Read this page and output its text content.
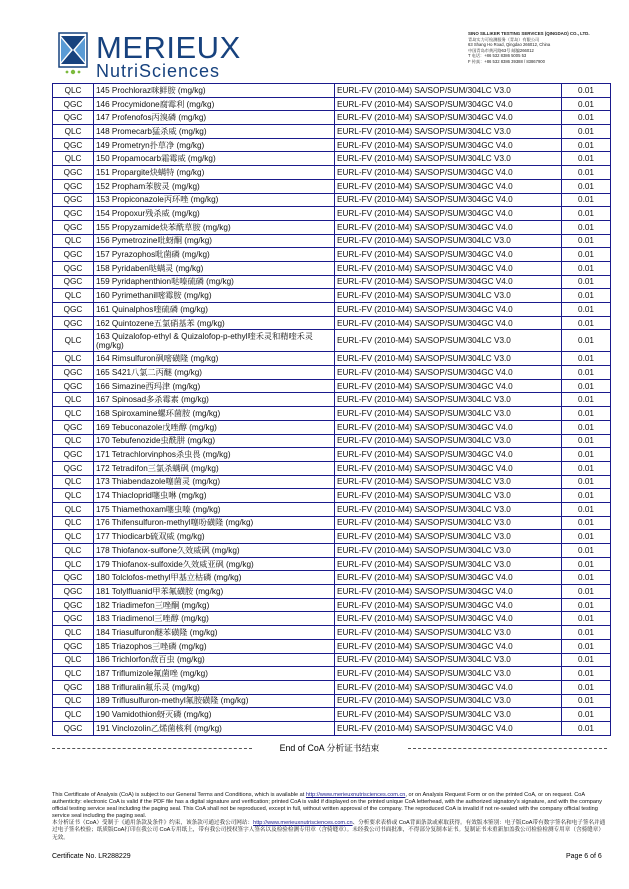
MERIEUX
NutriSciences
SINO SILLIKER TESTING SERVICES (QINGDAO) CO., LTD.
青岛实力可检测服务（青岛）有限公司
63 Shang Ho Road, Qingdao 266012, China
中国青岛市黄河路63号 邮编266012
T 电话：+86 532 8386 5005 53
F 传真：+86 532 8386 39388 / 83867900
QLC	145 Prochloraz咪鲜胺 (mg/kg)	EURL-FV (2010-M4) SA/SOP/SUM/304LC V3.0	0.01
QGC	146 Procymidone腐霉利 (mg/kg)	EURL-FV (2010-M4) SA/SOP/SUM/304GC V4.0	0.01
QGC	147 Profenofos丙溴磷 (mg/kg)	EURL-FV (2010-M4) SA/SOP/SUM/304GC V4.0	0.01
QLC	148 Promecarb猛杀威 (mg/kg)	EURL-FV (2010-M4) SA/SOP/SUM/304LC V3.0	0.01
QGC	149 Prometryn扑草净 (mg/kg)	EURL-FV (2010-M4) SA/SOP/SUM/304GC V4.0	0.01
QLC	150 Propamocarb霜霉威 (mg/kg)	EURL-FV (2010-M4) SA/SOP/SUM/304LC V3.0	0.01
QGC	151 Propargite炔螨特 (mg/kg)	EURL-FV (2010-M4) SA/SOP/SUM/304GC V4.0	0.01
QGC	152 Propham苯胺灵 (mg/kg)	EURL-FV (2010-M4) SA/SOP/SUM/304GC V4.0	0.01
QGC	153 Propiconazole丙环唑 (mg/kg)	EURL-FV (2010-M4) SA/SOP/SUM/304GC V4.0	0.01
QGC	154 Propoxur残杀威 (mg/kg)	EURL-FV (2010-M4) SA/SOP/SUM/304GC V4.0	0.01
QGC	155 Propyzamide炔苯酰草胺 (mg/kg)	EURL-FV (2010-M4) SA/SOP/SUM/304GC V4.0	0.01
QLC	156 Pymetrozine吡蚜酮 (mg/kg)	EURL-FV (2010-M4) SA/SOP/SUM/304LC V3.0	0.01
QGC	157 Pyrazophos吡菌磷 (mg/kg)	EURL-FV (2010-M4) SA/SOP/SUM/304GC V4.0	0.01
QGC	158 Pyridaben哒螨灵 (mg/kg)	EURL-FV (2010-M4) SA/SOP/SUM/304GC V4.0	0.01
QGC	159 Pyridaphenthion哒嗪硫磷 (mg/kg)	EURL-FV (2010-M4) SA/SOP/SUM/304GC V4.0	0.01
QLC	160 Pyrimethanil嘧霉胺 (mg/kg)	EURL-FV (2010-M4) SA/SOP/SUM/304LC V3.0	0.01
QGC	161 Quinalphos喹硫磷 (mg/kg)	EURL-FV (2010-M4) SA/SOP/SUM/304GC V4.0	0.01
QGC	162 Quintozene五氯硝基苯 (mg/kg)	EURL-FV (2010-M4) SA/SOP/SUM/304GC V4.0	0.01
QLC	163 Quizalofop-ethyl & Quizalofop-p-ethyl喹禾灵和精喹禾灵 (mg/kg)	EURL-FV (2010-M4) SA/SOP/SUM/304LC V3.0	0.01
QLC	164 Rimsulfuron砜嘧磺隆 (mg/kg)	EURL-FV (2010-M4) SA/SOP/SUM/304LC V3.0	0.01
QGC	165 S421八氯二丙醚 (mg/kg)	EURL-FV (2010-M4) SA/SOP/SUM/304GC V4.0	0.01
QGC	166 Simazine西玛津 (mg/kg)	EURL-FV (2010-M4) SA/SOP/SUM/304GC V4.0	0.01
QLC	167 Spinosad多杀霉素 (mg/kg)	EURL-FV (2010-M4) SA/SOP/SUM/304LC V3.0	0.01
QLC	168 Spiroxamine螺环菌胺 (mg/kg)	EURL-FV (2010-M4) SA/SOP/SUM/304LC V3.0	0.01
QGC	169 Tebuconazole戊唑醇 (mg/kg)	EURL-FV (2010-M4) SA/SOP/SUM/304GC V4.0	0.01
QLC	170 Tebufenozide虫酰肼 (mg/kg)	EURL-FV (2010-M4) SA/SOP/SUM/304LC V3.0	0.01
QGC	171 Tetrachlorvinphos杀虫畏 (mg/kg)	EURL-FV (2010-M4) SA/SOP/SUM/304GC V4.0	0.01
QGC	172 Tetradifon三氯杀螨砜 (mg/kg)	EURL-FV (2010-M4) SA/SOP/SUM/304GC V4.0	0.01
QLC	173 Thiabendazole噻菌灵 (mg/kg)	EURL-FV (2010-M4) SA/SOP/SUM/304LC V3.0	0.01
QLC	174 Thiacloprid噻虫啉 (mg/kg)	EURL-FV (2010-M4) SA/SOP/SUM/304LC V3.0	0.01
QLC	175 Thiamethoxam噻虫嗪 (mg/kg)	EURL-FV (2010-M4) SA/SOP/SUM/304LC V3.0	0.01
QLC	176 Thifensulfuron-methyl噻吩磺隆 (mg/kg)	EURL-FV (2010-M4) SA/SOP/SUM/304LC V3.0	0.01
QLC	177 Thiodicarb硫双威 (mg/kg)	EURL-FV (2010-M4) SA/SOP/SUM/304LC V3.0	0.01
QLC	178 Thiofanox-sulfone久效威砜 (mg/kg)	EURL-FV (2010-M4) SA/SOP/SUM/304LC V3.0	0.01
QLC	179 Thiofanox-sulfoxide久效威亚砜 (mg/kg)	EURL-FV (2010-M4) SA/SOP/SUM/304LC V3.0	0.01
QGC	180 Tolclofos-methyl甲基立枯磷 (mg/kg)	EURL-FV (2010-M4) SA/SOP/SUM/304GC V4.0	0.01
QGC	181 Tolylfluanid甲苯氟磺胺 (mg/kg)	EURL-FV (2010-M4) SA/SOP/SUM/304GC V4.0	0.01
QGC	182 Triadimefon三唑酮 (mg/kg)	EURL-FV (2010-M4) SA/SOP/SUM/304GC V4.0	0.01
QGC	183 Triadimenol三唑醇 (mg/kg)	EURL-FV (2010-M4) SA/SOP/SUM/304GC V4.0	0.01
QLC	184 Triasulfuron醚苯磺隆 (mg/kg)	EURL-FV (2010-M4) SA/SOP/SUM/304LC V3.0	0.01
QGC	185 Triazophos三唑磷 (mg/kg)	EURL-FV (2010-M4) SA/SOP/SUM/304GC V4.0	0.01
QLC	186 Trichlorfon敌百虫 (mg/kg)	EURL-FV (2010-M4) SA/SOP/SUM/304LC V3.0	0.01
QLC	187 Triflumizole氟菌唑 (mg/kg)	EURL-FV (2010-M4) SA/SOP/SUM/304LC V3.0	0.01
QGC	188 Trifluralin氟乐灵 (mg/kg)	EURL-FV (2010-M4) SA/SOP/SUM/304GC V4.0	0.01
QLC	189 Triflusulfuron-methyl氟胺磺隆 (mg/kg)	EURL-FV (2010-M4) SA/SOP/SUM/304LC V3.0	0.01
QLC	190 Vamidothion蚜灭磷 (mg/kg)	EURL-FV (2010-M4) SA/SOP/SUM/304LC V3.0	0.01
QGC	191 Vinclozolin乙烯菌核利 (mg/kg)	EURL-FV (2010-M4) SA/SOP/SUM/304GC V4.0	0.01
End of CoA 分析证书结束
This Certificate of Analysis (CoA) is subject to our General Terms and Conditions, which is available at http://www.merieuxnutrisciences.com.cn, or on Analysis Request Form or on the printed CoA, or on request. CoA authenticity: electronic CoA is valid if the PDF file has a digital signature and verification; printed CoA is valid if displayed on the printed unique CoA letterhead, with the authorized signatory's signature, and with the company official testing service seal including the paging seal. This CoA shall not be reproduced, except in full, without written approval of the company. The reproduced CoA is invalid if not re-sealed with the company official testing service seal including the paging seal.
本分析证书（CoA）受制于《通用条款及条件》约束，该条款可通过我公司网站：http://www.merieuxnutrisciences.com.cn、分析要求表格或 CoA背面条款或索取获得。有效版本鉴别：电子版CoA带有数字签名和电子签名并通过电子签名校验；纸质版CoA打印在我公司 CoA专用纸上，带有我公司授权签字人签名以及检验检测专用章（含骑缝章）。未经我公司书面批准，不得部分复制本证书。复制证书未重新加盖我公司检验检测专用章（含骑缝章）无效。
Certificate No. LR288229	Page 6 of 6
